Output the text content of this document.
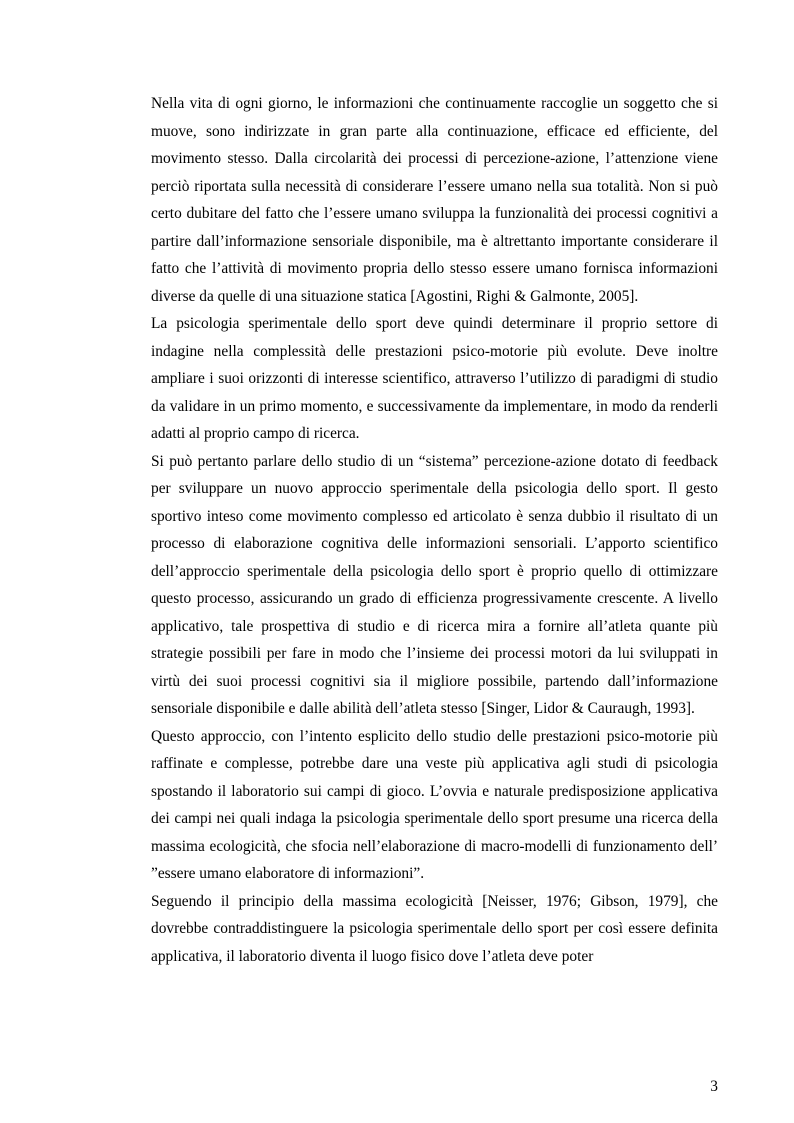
Nella vita di ogni giorno, le informazioni che continuamente raccoglie un soggetto che si muove, sono indirizzate in gran parte alla continuazione, efficace ed efficiente, del movimento stesso. Dalla circolarità dei processi di percezione-azione, l’attenzione viene perciò riportata sulla necessità di considerare l’essere umano nella sua totalità. Non si può certo dubitare del fatto che l’essere umano sviluppa la funzionalità dei processi cognitivi a partire dall’informazione sensoriale disponibile, ma è altrettanto importante considerare il fatto che l’attività di movimento propria dello stesso essere umano fornisca informazioni diverse da quelle di una situazione statica [Agostini, Righi & Galmonte, 2005].

La psicologia sperimentale dello sport deve quindi determinare il proprio settore di indagine nella complessità delle prestazioni psico-motorie più evolute. Deve inoltre ampliare i suoi orizzonti di interesse scientifico, attraverso l’utilizzo di paradigmi di studio da validare in un primo momento, e successivamente da implementare, in modo da renderli adatti al proprio campo di ricerca.

Si può pertanto parlare dello studio di un “sistema” percezione-azione dotato di feedback per sviluppare un nuovo approccio sperimentale della psicologia dello sport. Il gesto sportivo inteso come movimento complesso ed articolato è senza dubbio il risultato di un processo di elaborazione cognitiva delle informazioni sensoriali. L’apporto scientifico dell’approccio sperimentale della psicologia dello sport è proprio quello di ottimizzare questo processo, assicurando un grado di efficienza progressivamente crescente. A livello applicativo, tale prospettiva di studio e di ricerca mira a fornire all’atleta quante più strategie possibili per fare in modo che l’insieme dei processi motori da lui sviluppati in virtù dei suoi processi cognitivi sia il migliore possibile, partendo dall’informazione sensoriale disponibile e dalle abilità dell’atleta stesso [Singer, Lidor & Cauraugh, 1993].

Questo approccio, con l’intento esplicito dello studio delle prestazioni psico-motorie più raffinate e complesse, potrebbe dare una veste più applicativa agli studi di psicologia spostando il laboratorio sui campi di gioco. L’ovvia e naturale predisposizione applicativa dei campi nei quali indaga la psicologia sperimentale dello sport presume una ricerca della massima ecologicità, che sfocia nell’elaborazione di macro-modelli di funzionamento dell’ ”essere umano elaboratore di informazioni”.

Seguendo il principio della massima ecologicità [Neisser, 1976; Gibson, 1979], che dovrebbe contraddistinguere la psicologia sperimentale dello sport per così essere definita applicativa, il laboratorio diventa il luogo fisico dove l’atleta deve poter

3
